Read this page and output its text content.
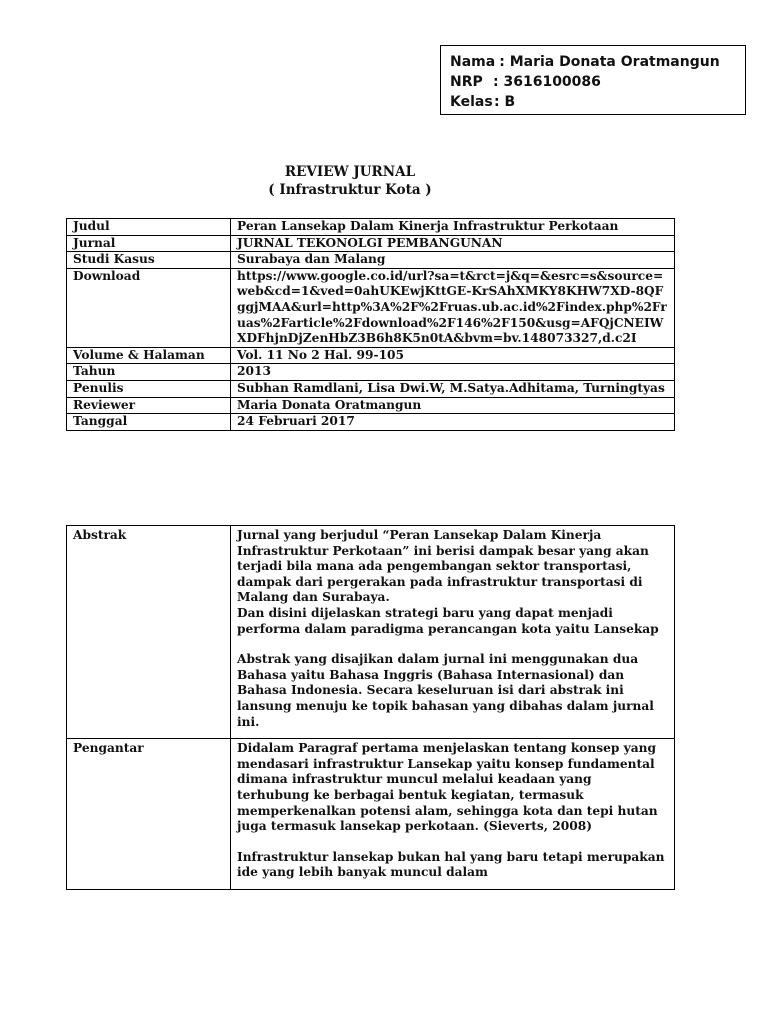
Nama : Maria Donata Oratmangun
NRP : 3616100086
Kelas : B
REVIEW JURNAL
( Infrastruktur Kota )
Judul	Peran Lansekap Dalam Kinerja Infrastruktur Perkotaan
Jurnal	JURNAL TEKONOLGI PEMBANGUNAN
Studi Kasus	Surabaya dan Malang
Download	https://www.google.co.id/url?sa=t&rct=j&q=&esrc=s&source=web&cd=1&ved=0ahUKEwjKttGE-KrSAhXMKY8KHW7XD-8QFggjMAA&url=http%3A%2F%2Fruas.ub.ac.id%2Findex.php%2Fruas%2Farticle%2Fdownload%2F146%2F150&usg=AFQjCNEIWXDFhjnDjZenHbZ3B6h8K5n0tA&bvm=bv.148073327,d.c2I
Volume & Halaman	Vol. 11 No 2 Hal. 99-105
Tahun	2013
Penulis	Subhan Ramdlani, Lisa Dwi.W, M.Satya.Adhitama, Turningtyas
Reviewer	Maria Donata Oratmangun
Tanggal	24 Februari 2017
Abstrak	Jurnal yang berjudul “Peran Lansekap Dalam Kinerja Infrastruktur Perkotaan” ini berisi dampak besar yang akan terjadi bila mana ada pengembangan sektor transportasi, dampak dari pergerakan pada infrastruktur transportasi di Malang dan Surabaya.
Dan disini dijelaskan strategi baru yang dapat menjadi performa dalam paradigma perancangan kota yaitu Lansekap
Abstrak yang disajikan dalam jurnal ini menggunakan dua Bahasa yaitu Bahasa Inggris (Bahasa Internasional) dan Bahasa Indonesia. Secara keseluruan isi dari abstrak ini lansung menuju ke topik bahasan yang dibahas dalam jurnal ini.

Pengantar	Didalam Paragraf pertama menjelaskan tentang konsep yang mendasari infrastruktur Lansekap yaitu konsep fundamental dimana infrastruktur muncul melalui keadaan yang terhubung ke berbagai bentuk kegiatan, termasuk memperkenalkan potensi alam, sehingga kota dan tepi hutan juga termasuk lansekap perkotaan. (Sieverts, 2008)
Infrastruktur lansekap bukan hal yang baru tetapi merupakan ide yang lebih banyak muncul dalam
